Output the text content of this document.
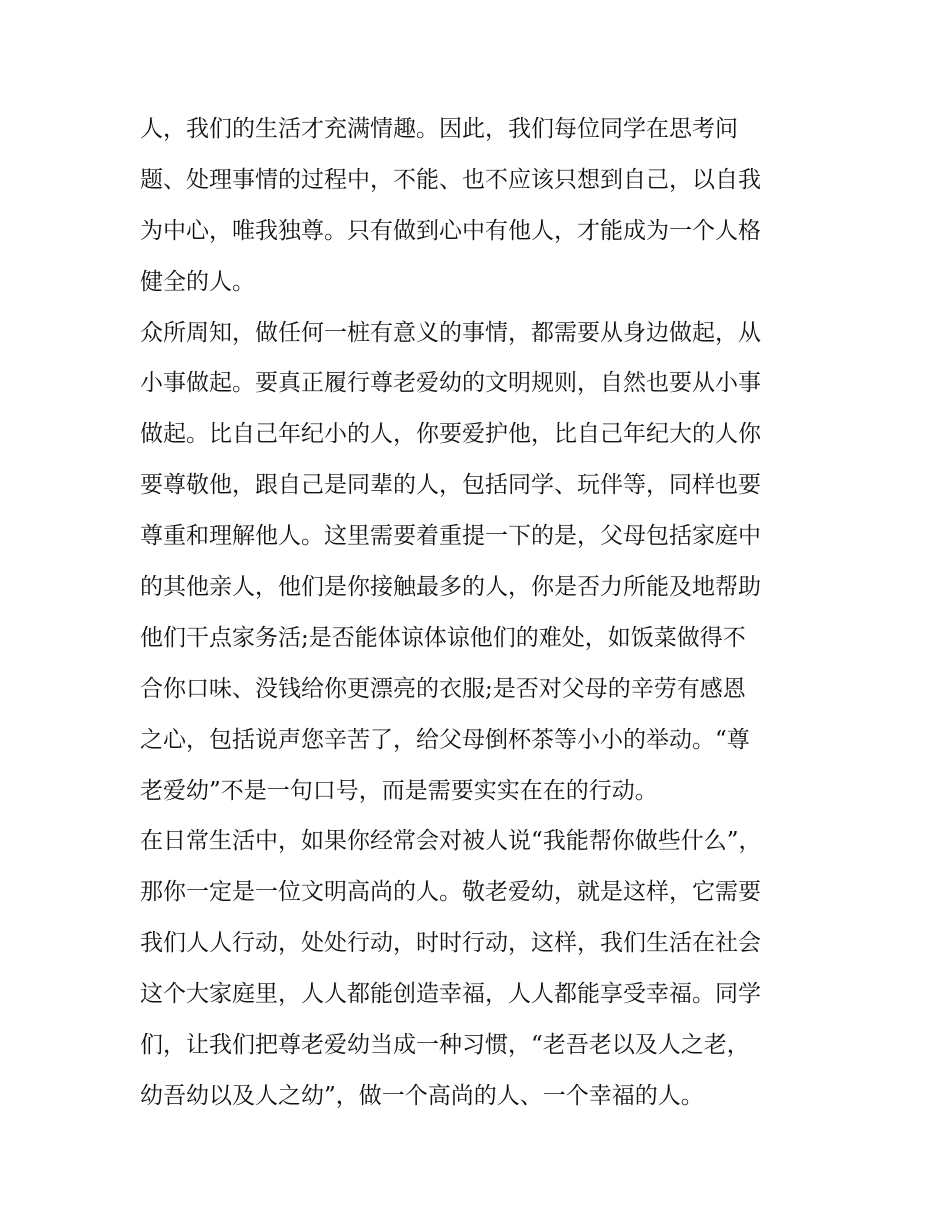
人，我们的生活才充满情趣。因此，我们每位同学在思考问
题、处理事情的过程中，不能、也不应该只想到自己，以自我
为中心，唯我独尊。只有做到心中有他人，才能成为一个人格
健全的人。
众所周知，做任何一桩有意义的事情，都需要从身边做起，从
小事做起。要真正履行尊老爱幼的文明规则，自然也要从小事
做起。比自己年纪小的人，你要爱护他，比自己年纪大的人你
要尊敬他，跟自己是同辈的人，包括同学、玩伴等，同样也要
尊重和理解他人。这里需要着重提一下的是，父母包括家庭中
的其他亲人，他们是你接触最多的人，你是否力所能及地帮助
他们干点家务活;是否能体谅体谅他们的难处，如饭菜做得不
合你口味、没钱给你更漂亮的衣服;是否对父母的辛劳有感恩
之心，包括说声您辛苦了，给父母倒杯茶等小小的举动。“尊
老爱幼”不是一句口号，而是需要实实在在的行动。
在日常生活中，如果你经常会对被人说“我能帮你做些什么”，
那你一定是一位文明高尚的人。敬老爱幼，就是这样，它需要
我们人人行动，处处行动，时时行动，这样，我们生活在社会
这个大家庭里，人人都能创造幸福，人人都能享受幸福。同学
们，让我们把尊老爱幼当成一种习惯，“老吾老以及人之老，
幼吾幼以及人之幼”，做一个高尚的人、一个幸福的人。
